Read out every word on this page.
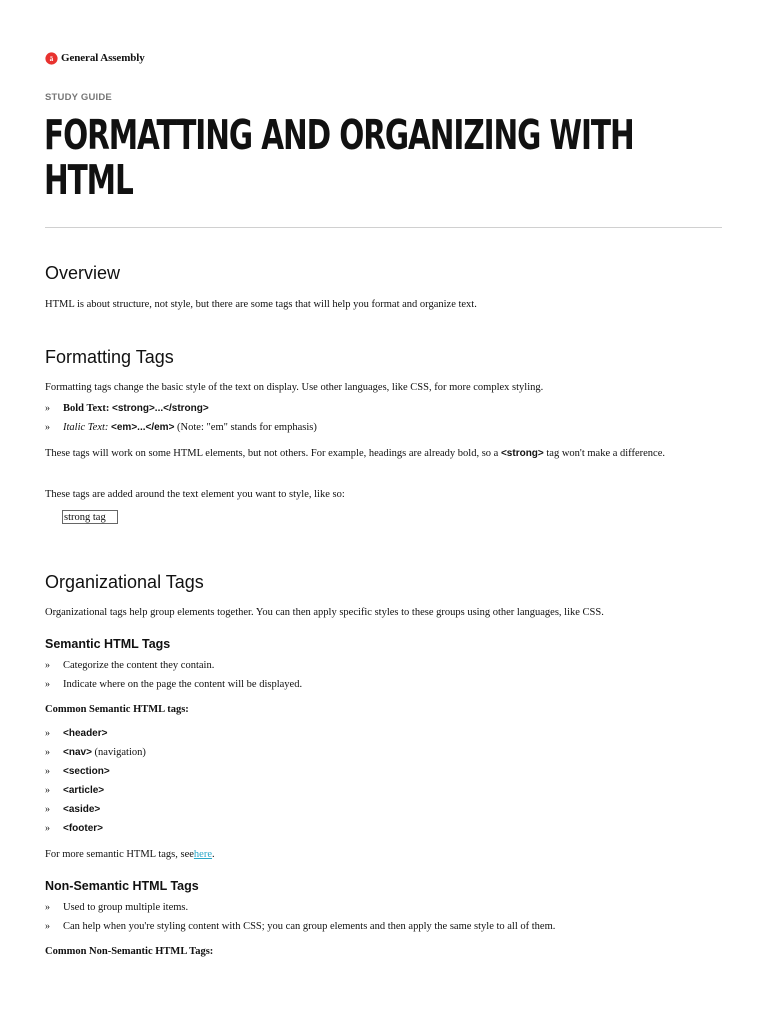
ā General Assembly
STUDY GUIDE
FORMATTING AND ORGANIZING WITH HTML
Overview

HTML is about structure, not style, but there are some tags that will help you format and organize text.

Formatting Tags

Formatting tags change the basic style of the text on display. Use other languages, like CSS, for more complex styling.

» Bold Text: <strong>...</strong>
» Italic Text: <em>...</em> (Note: "em" stands for emphasis)

These tags will work on some HTML elements, but not others. For example, headings are already bold, so a <strong> tag won't make a difference.

These tags are added around the text element you want to style, like so:

strong tag
Organizational Tags

Organizational tags help group elements together. You can then apply specific styles to these groups using other languages, like CSS.

Semantic HTML Tags
» Categorize the content they contain.
» Indicate where on the page the content will be displayed.

Common Semantic HTML tags:

» <header>
» <nav> (navigation)
» <section>
» <article>
» <aside>
» <footer>

For more semantic HTML tags, seehere.

Non-Semantic HTML Tags
» Used to group multiple items.
» Can help when you're styling content with CSS; you can group elements and then apply the same style to all of them.

Common Non-Semantic HTML Tags:
